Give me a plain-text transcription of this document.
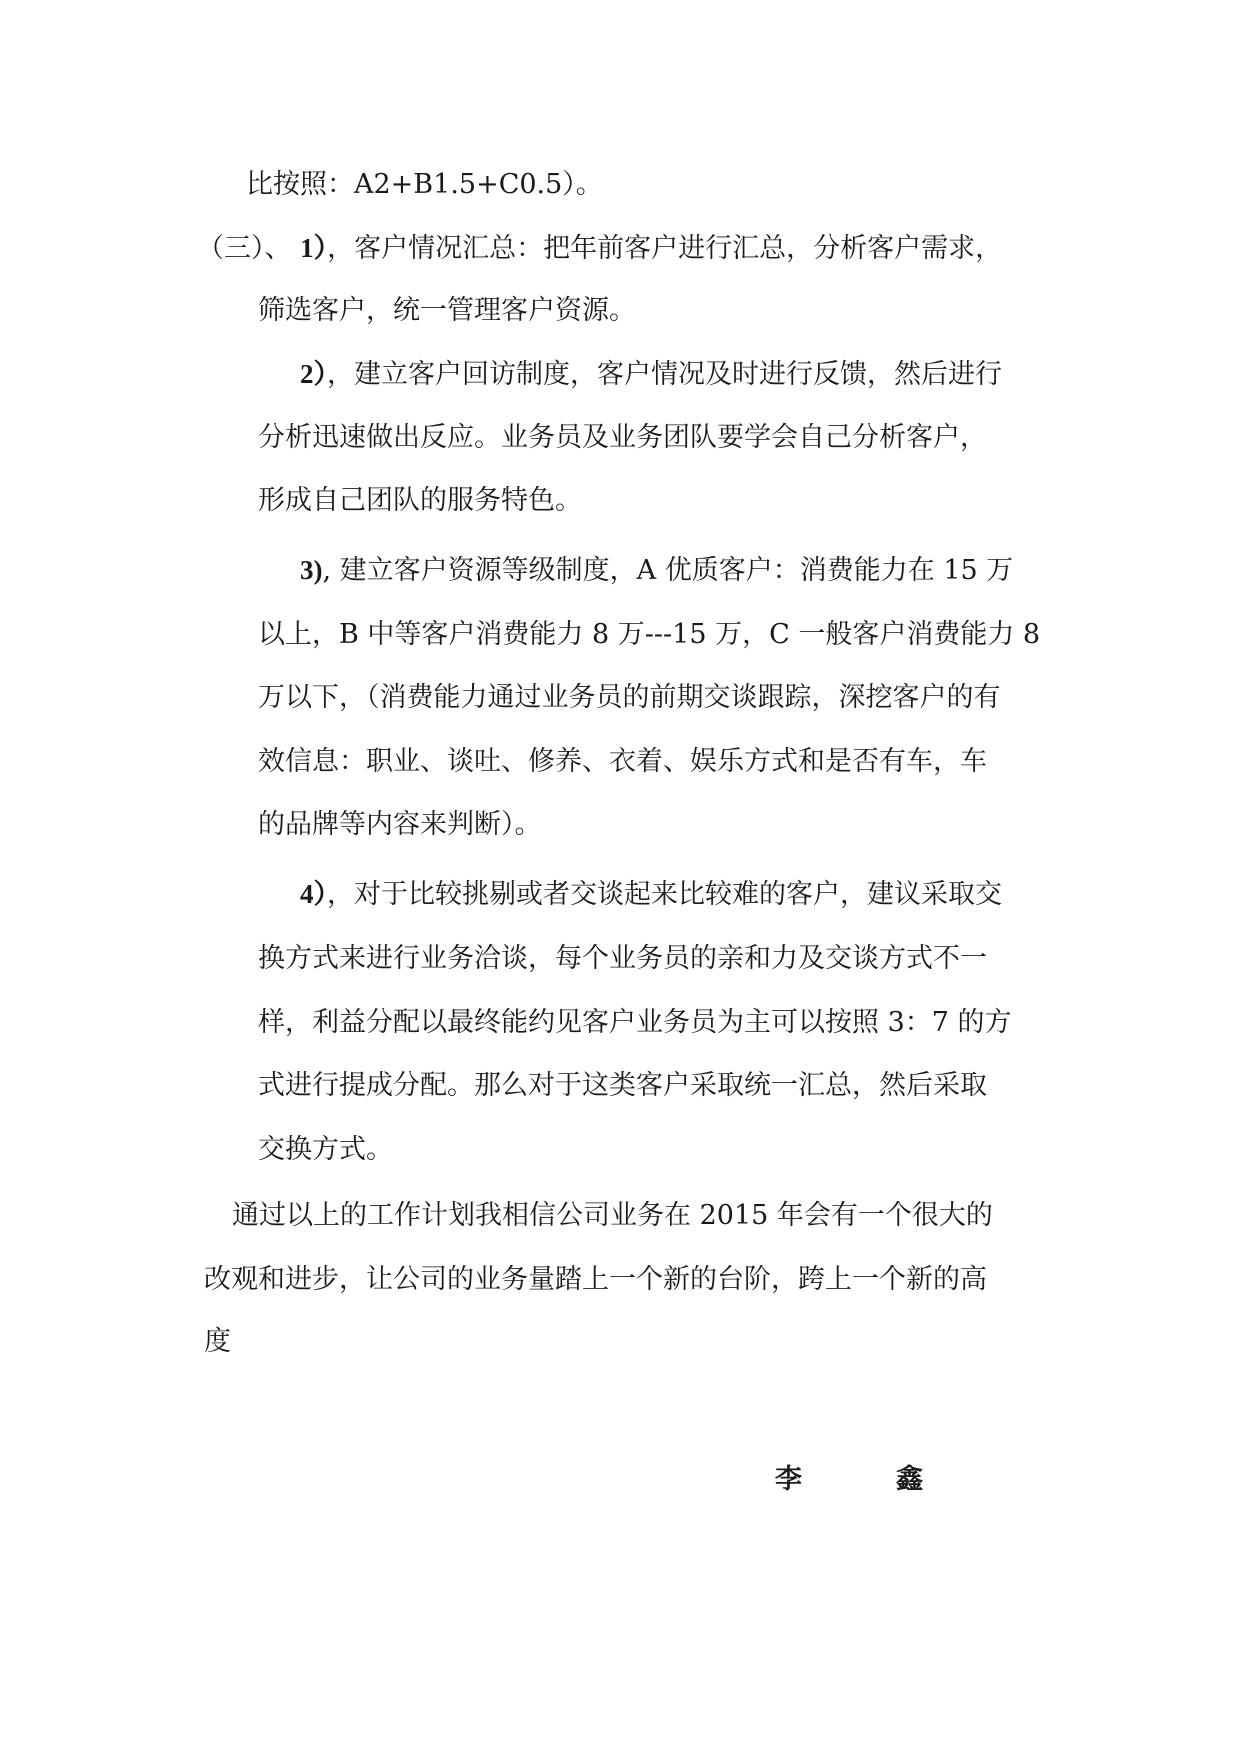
比按照：A2+B1.5+C0.5）。
（三）、 1），客户情况汇总：把年前客户进行汇总，分析客户需求，
筛选客户，统一管理客户资源。
2），建立客户回访制度，客户情况及时进行反馈，然后进行
分析迅速做出反应。业务员及业务团队要学会自己分析客户，
形成自己团队的服务特色。
3), 建立客户资源等级制度，A 优质客户：消费能力在 15 万
以上，B 中等客户消费能力 8 万---15 万，C 一般客户消费能力 8
万以下，（消费能力通过业务员的前期交谈跟踪，深挖客户的有
效信息：职业、谈吐、修养、衣着、娱乐方式和是否有车，车
的品牌等内容来判断）。
4），对于比较挑剔或者交谈起来比较难的客户，建议采取交
换方式来进行业务洽谈，每个业务员的亲和力及交谈方式不一
样，利益分配以最终能约见客户业务员为主可以按照 3：7 的方
式进行提成分配。那么对于这类客户采取统一汇总，然后采取
交换方式。
通过以上的工作计划我相信公司业务在 2015 年会有一个很大的
改观和进步，让公司的业务量踏上一个新的台阶，跨上一个新的高
度
李	鑫
